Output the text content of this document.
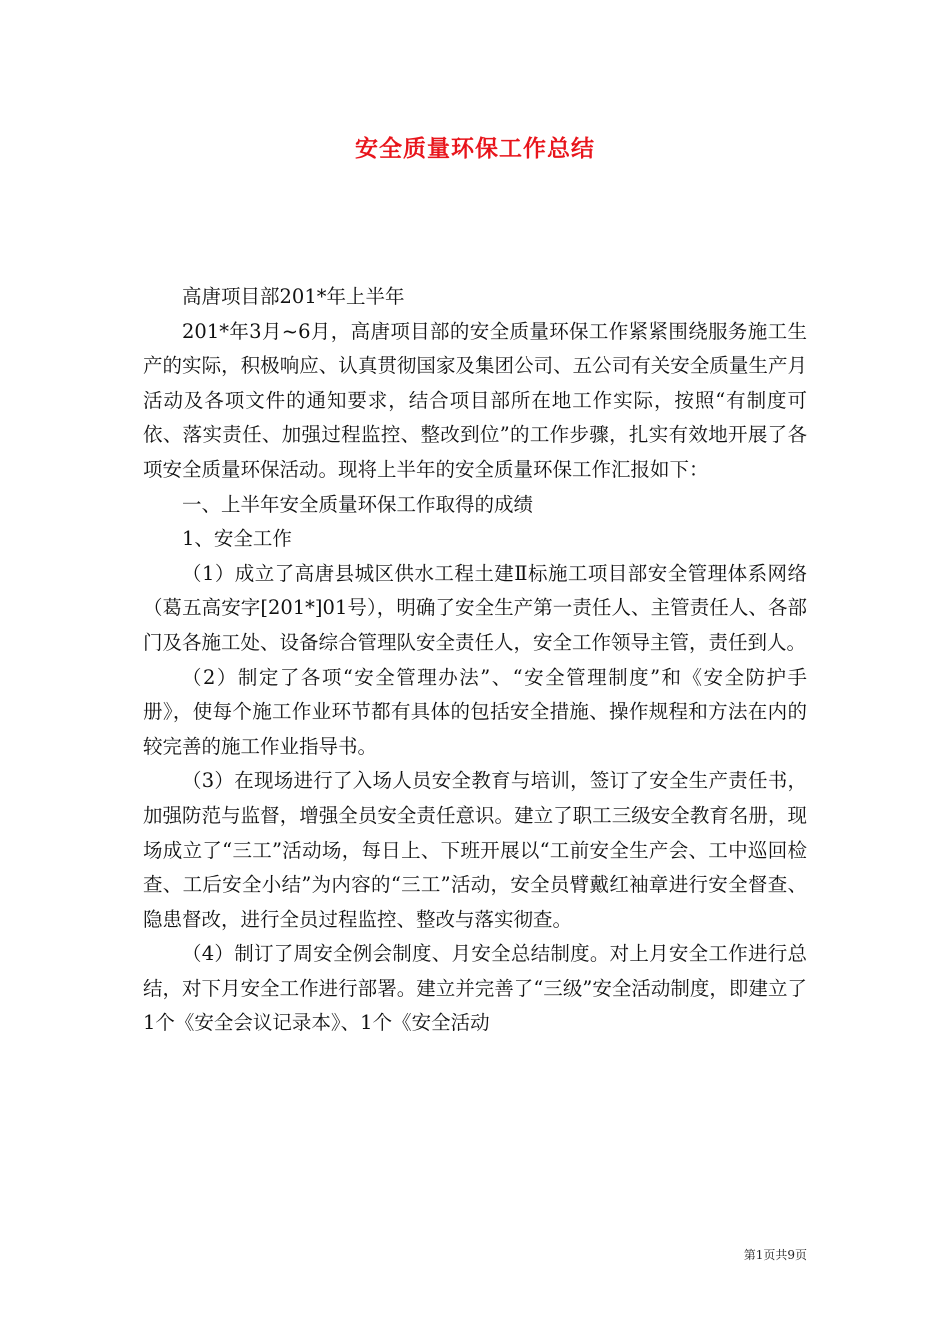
安全质量环保工作总结

高唐项目部201*年上半年

201*年3月~6月，高唐项目部的安全质量环保工作紧紧围绕服务施工生产的实际，积极响应、认真贯彻国家及集团公司、五公司有关安全质量生产月活动及各项文件的通知要求，结合项目部所在地工作实际，按照“有制度可依、落实责任、加强过程监控、整改到位”的工作步骤，扎实有效地开展了各项安全质量环保活动。现将上半年的安全质量环保工作汇报如下：

一、上半年安全质量环保工作取得的成绩

1、安全工作

（1）成立了高唐县城区供水工程土建Ⅱ标施工项目部安全管理体系网络（葛五高安字[201*]01号），明确了安全生产第一责任人、主管责任人、各部门及各施工处、设备综合管理队安全责任人，安全工作领导主管，责任到人。

（2）制定了各项“安全管理办法”、“安全管理制度”和《安全防护手册》，使每个施工作业环节都有具体的包括安全措施、操作规程和方法在内的较完善的施工作业指导书。

（3）在现场进行了入场人员安全教育与培训，签订了安全生产责任书，加强防范与监督，增强全员安全责任意识。建立了职工三级安全教育名册，现场成立了“三工”活动场，每日上、下班开展以“工前安全生产会、工中巡回检查、工后安全小结”为内容的“三工”活动，安全员臂戴红袖章进行安全督查、隐患督改，进行全员过程监控、整改与落实彻查。

（4）制订了周安全例会制度、月安全总结制度。对上月安全工作进行总结，对下月安全工作进行部署。建立并完善了“三级”安全活动制度，即建立了1个《安全会议记录本》、1个《安全活动

第1页共9页
